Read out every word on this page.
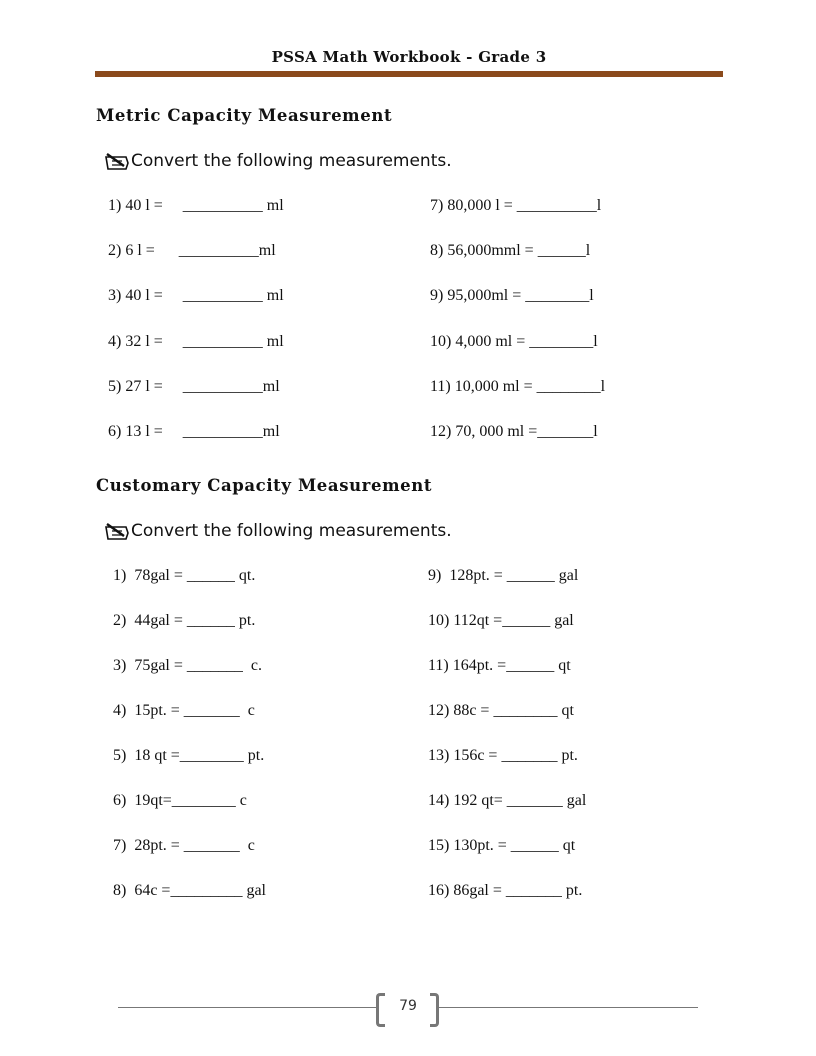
PSSA Math Workbook - Grade 3
Metric Capacity Measurement
Convert the following measurements.
1) 40 l =     __________ ml
2) 6 l =      __________ml
3) 40 l =     __________ ml
4) 32 l =     __________ ml
5) 27 l =     __________ml
6) 13 l =     __________ml
7) 80,000 l = __________l
8) 56,000mml = ______l
9) 95,000ml = ________l
10) 4,000 ml = ________l
11) 10,000 ml = ________l
12) 70, 000 ml =_______l
Customary Capacity Measurement
Convert the following measurements.
1)  78gal = ______ qt.
2)  44gal = ______ pt.
3)  75gal = _______  c.
4)  15pt. = _______  c
5)  18 qt =________ pt.
6)  19qt=________ c
7)  28pt. = _______  c
8)  64c =_________ gal
9)  128pt. = ______ gal
10) 112qt =______ gal
11) 164pt. =______ qt
12) 88c = ________ qt
13) 156c = _______ pt.
14) 192 qt= _______ gal
15) 130pt. = ______ qt
16) 86gal = _______ pt.
79
